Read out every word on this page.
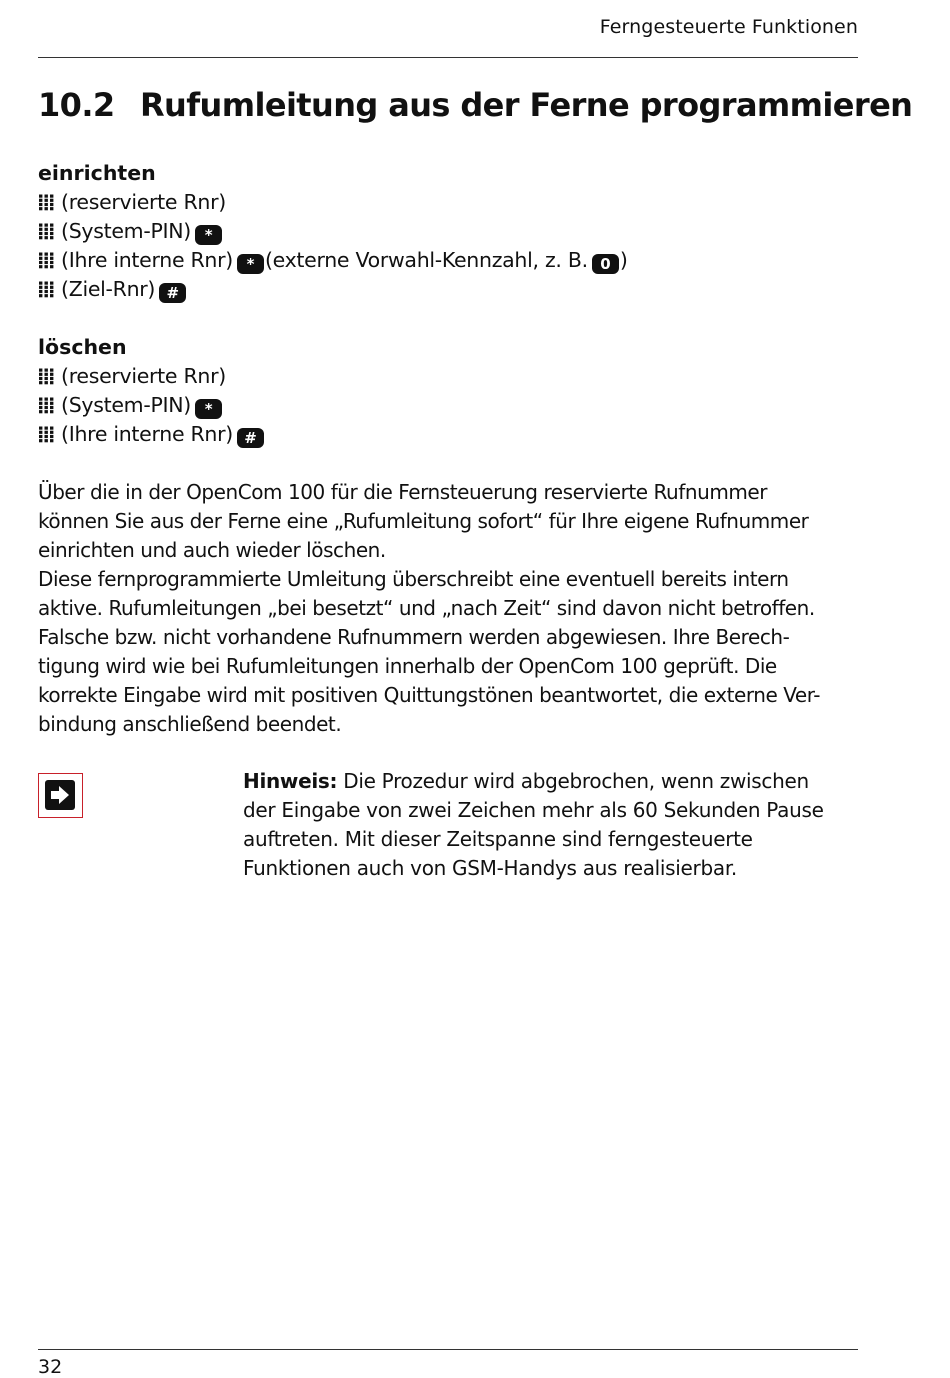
Ferngesteuerte Funktionen
10.2 Rufumleitung aus der Ferne programmieren
einrichten
(reservierte Rnr)
(System-PIN) *
(Ihre interne Rnr) * (externe Vorwahl-Kennzahl, z. B. 0 )
(Ziel-Rnr) #
löschen
(reservierte Rnr)
(System-PIN) *
(Ihre interne Rnr) #
Über die in der OpenCom 100 für die Fernsteuerung reservierte Rufnummer
können Sie aus der Ferne eine „Rufumleitung sofort“ für Ihre eigene Rufnummer
einrichten und auch wieder löschen.
Diese fernprogrammierte Umleitung überschreibt eine eventuell bereits intern
aktive. Rufumleitungen „bei besetzt“ und „nach Zeit“ sind davon nicht betroffen.
Falsche bzw. nicht vorhandene Rufnummern werden abgewiesen. Ihre Berech-
tigung wird wie bei Rufumleitungen innerhalb der OpenCom 100 geprüft. Die
korrekte Eingabe wird mit positiven Quittungstönen beantwortet, die externe Ver-
bindung anschließend beendet.
Hinweis: Die Prozedur wird abgebrochen, wenn zwischen
der Eingabe von zwei Zeichen mehr als 60 Sekunden Pause
auftreten. Mit dieser Zeitspanne sind ferngesteuerte
Funktionen auch von GSM-Handys aus realisierbar.
32
